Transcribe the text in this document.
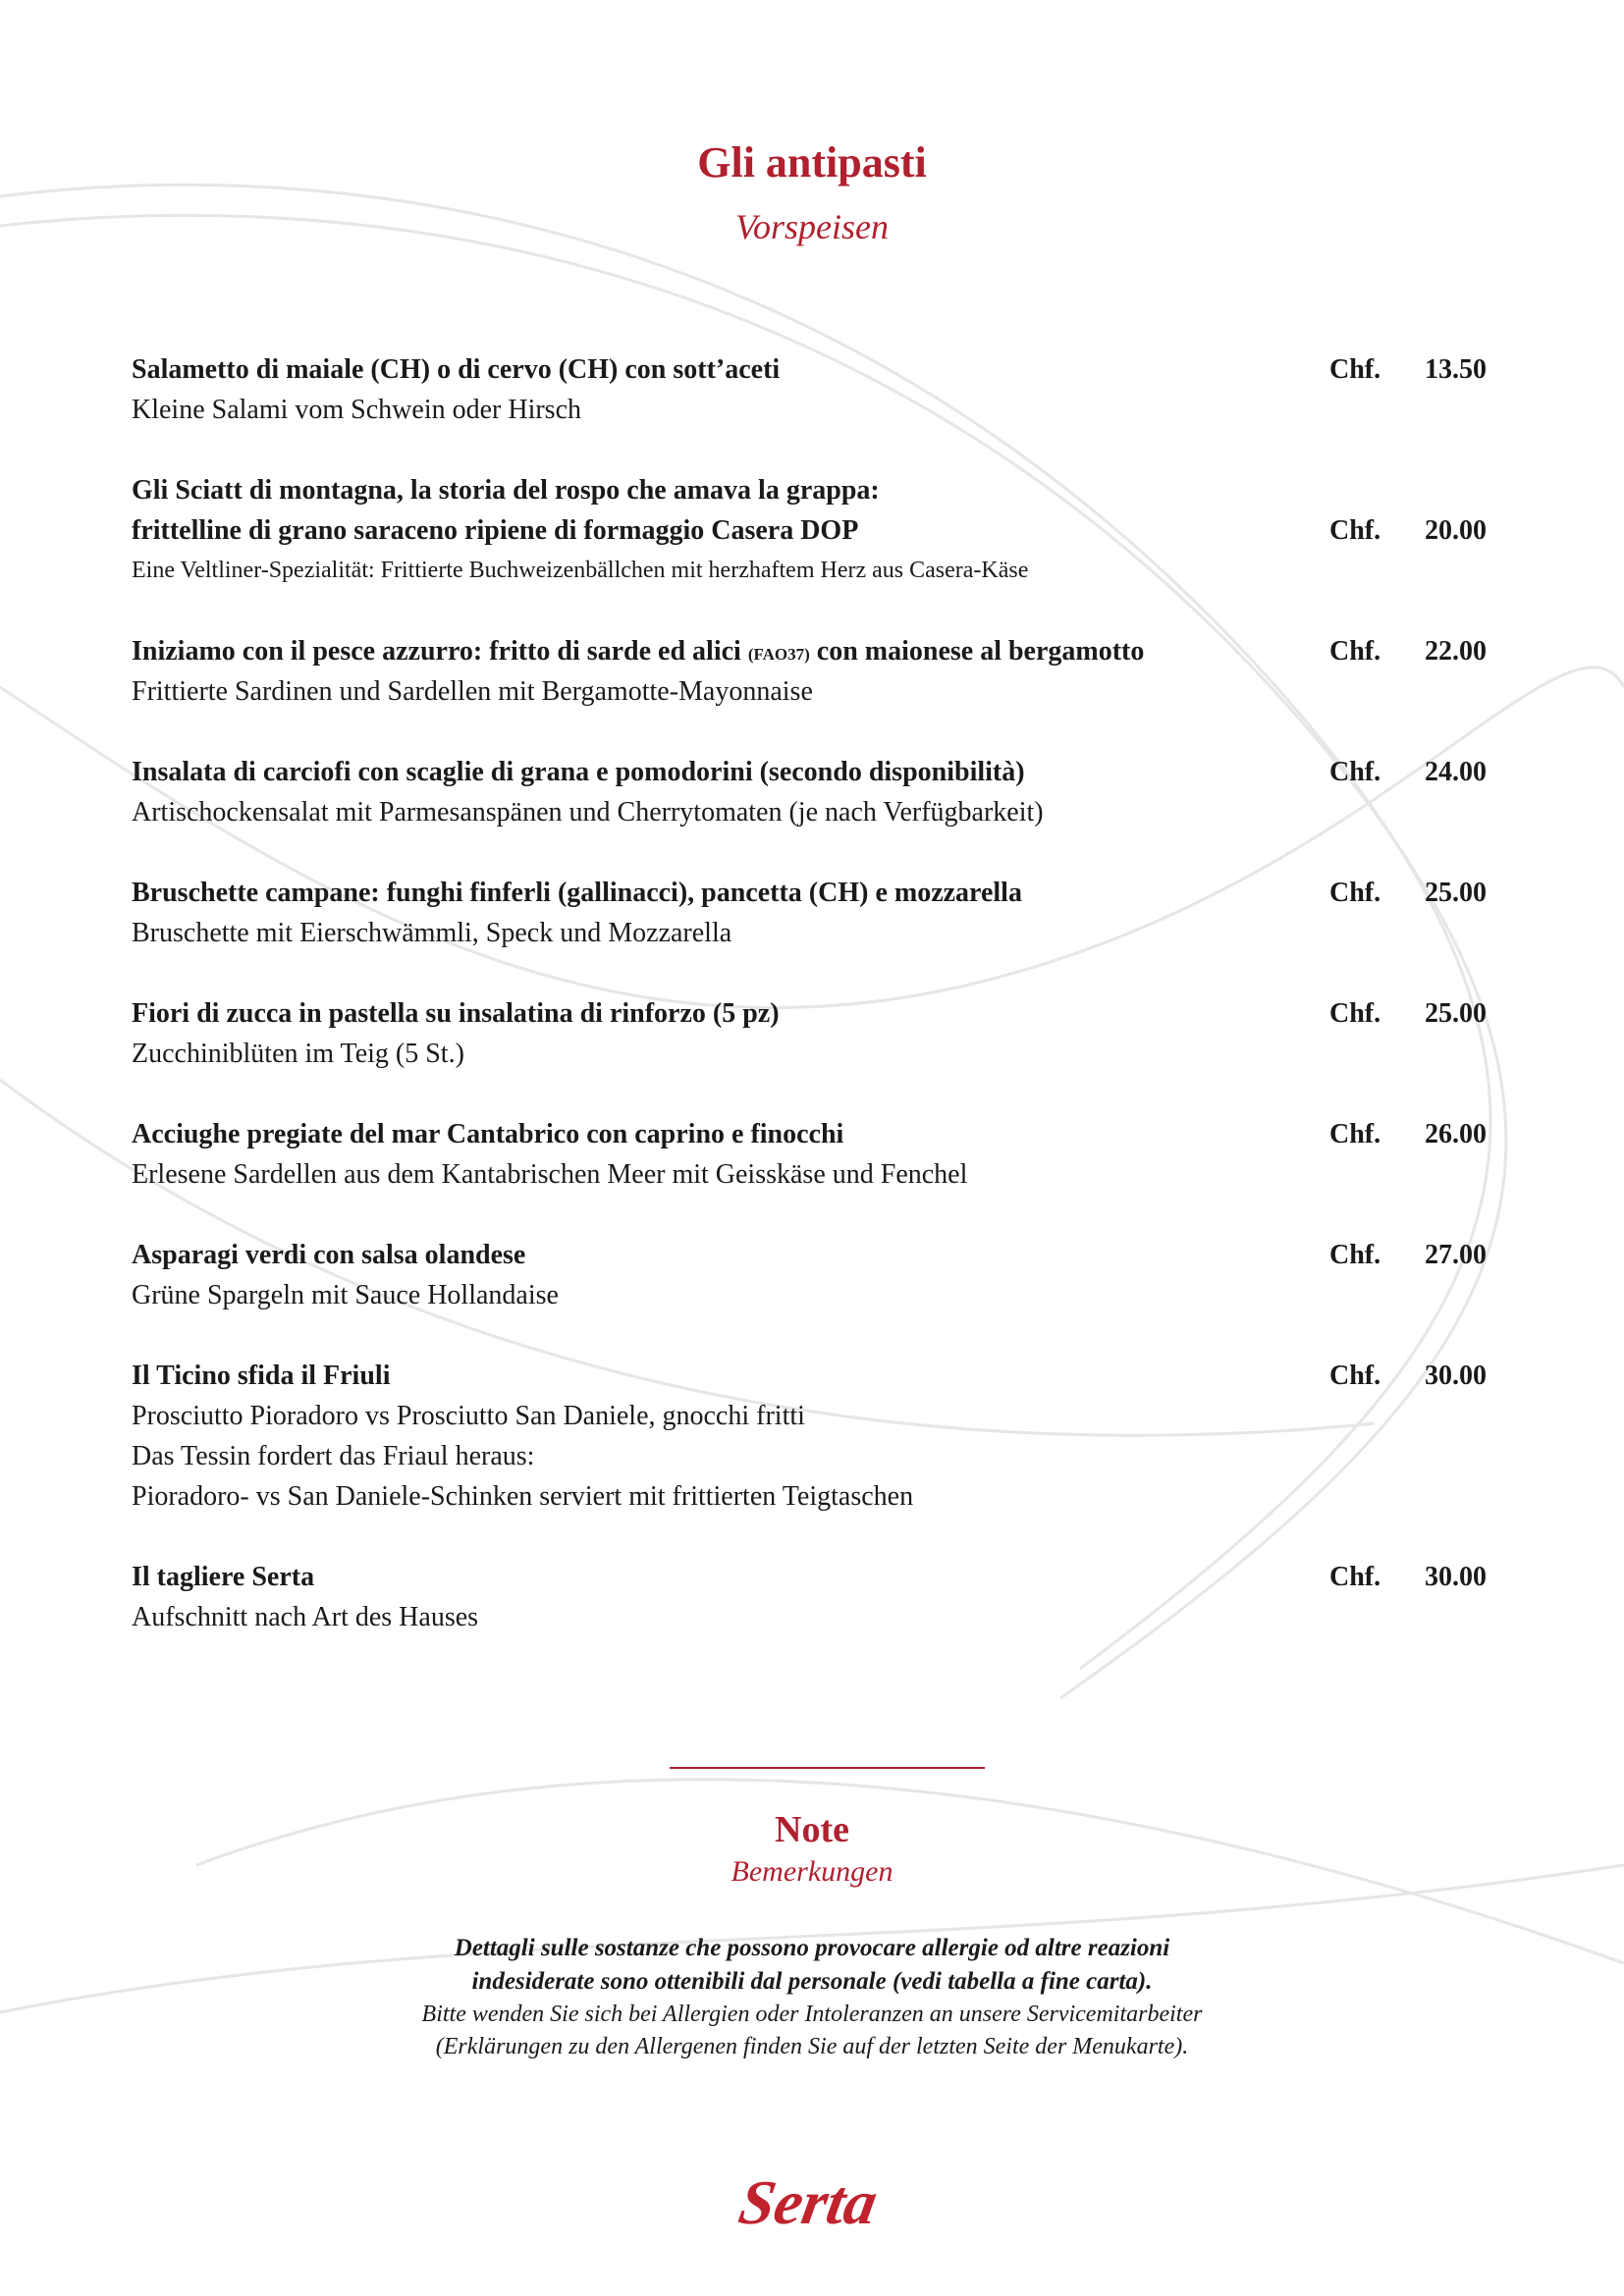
Gli antipasti
Vorspeisen
Salametto di maiale (CH) o di cervo (CH) con sott’aceti
Kleine Salami vom Schwein oder Hirsch
Chf. 13.50
Gli Sciatt di montagna, la storia del rospo che amava la grappa:
frittelline di grano saraceno ripiene di formaggio Casera DOP
Eine Veltliner-Spezialität: Frittierte Buchweizenbällchen mit herzhaftem Herz aus Casera-Käse
Chf. 20.00
Iniziamo con il pesce azzurro: fritto di sarde ed alici (FAO37) con maionese al bergamotto
Frittierte Sardinen und Sardellen mit Bergamotte-Mayonnaise
Chf. 22.00
Insalata di carciofi con scaglie di grana e pomodorini (secondo disponibilità)
Artischockensalat mit Parmesanspänen und Cherrytomaten (je nach Verfügbarkeit)
Chf. 24.00
Bruschette campane: funghi finferli (gallinacci), pancetta (CH) e mozzarella
Bruschette mit Eierschwämmli, Speck und Mozzarella
Chf. 25.00
Fiori di zucca in pastella su insalatina di rinforzo (5 pz)
Zucchiniblüten im Teig (5 St.)
Chf. 25.00
Acciughe pregiate del mar Cantabrico con caprino e finocchi
Erlesene Sardellen aus dem Kantabrischen Meer mit Geisskäse und Fenchel
Chf. 26.00
Asparagi verdi con salsa olandese
Grüne Spargeln mit Sauce Hollandaise
Chf. 27.00
Il Ticino sfida il Friuli
Prosciutto Pioradoro vs Prosciutto San Daniele, gnocchi fritti
Das Tessin fordert das Friaul heraus:
Pioradoro- vs San Daniele-Schinken serviert mit frittierten Teigtaschen
Chf. 30.00
Il tagliere Serta
Aufschnitt nach Art des Hauses
Chf. 30.00
Note
Bemerkungen
Dettagli sulle sostanze che possono provocare allergie od altre reazioni
indesiderate sono ottenibili dal personale (vedi tabella a fine carta).
Bitte wenden Sie sich bei Allergien oder Intoleranzen an unsere Servicemitarbeiter
(Erklärungen zu den Allergenen finden Sie auf der letzten Seite der Menukarte).
Serta
